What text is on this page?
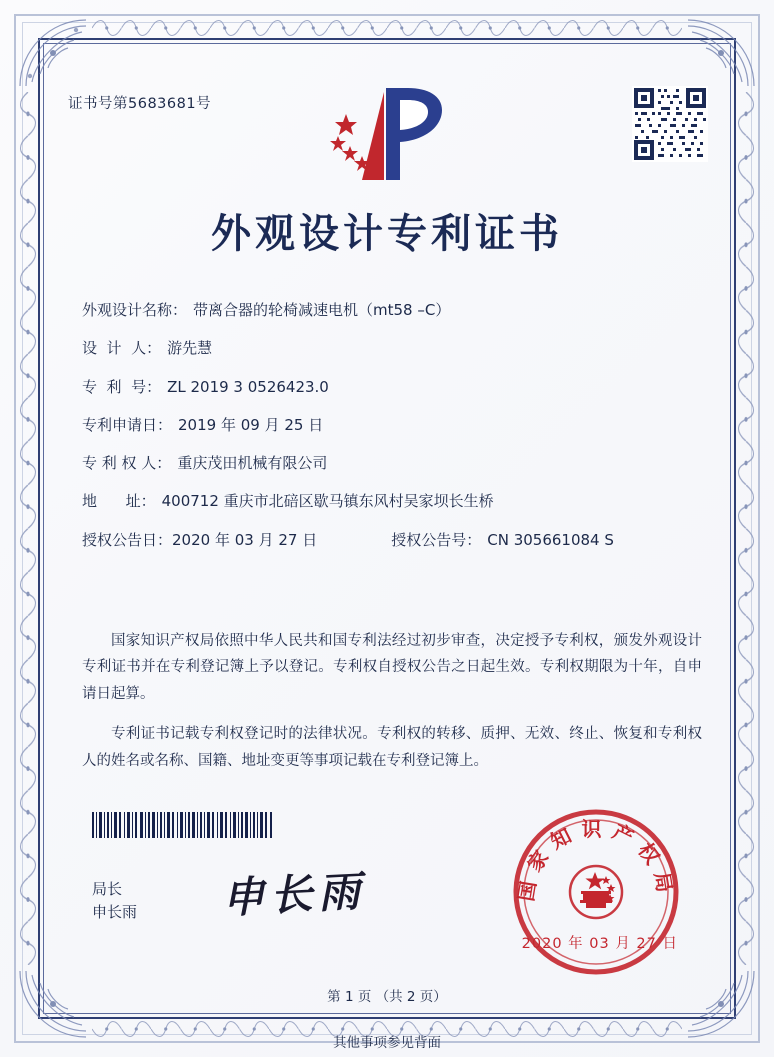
证书号第5683681号
外观设计专利证书
外观设计名称： 带离合器的轮椅减速电机（mt58 –C）
设  计  人： 游先慧
专  利  号： ZL 2019 3 0526423.0
专利申请日： 2019 年 09 月 25 日
专 利 权 人： 重庆茂田机械有限公司
地      址： 400712 重庆市北碚区歇马镇东风村吴家坝长生桥
授权公告日： 2020 年 03 月 27 日	授权公告号： CN 305661084 S

国家知识产权局依照中华人民共和国专利法经过初步审查，决定授予专利权，颁发外观设计专利证书并在专利登记簿上予以登记。专利权自授权公告之日起生效。专利权期限为十年，自申请日起算。

专利证书记载专利权登记时的法律状况。专利权的转移、质押、无效、终止、恢复和专利权人的姓名或名称、国籍、地址变更等事项记载在专利登记簿上。

局长
申长雨 申长雨	国家知识产权局
2020 年 03 月 27 日
第 1 页 （共 2 页）
其他事项参见背面
